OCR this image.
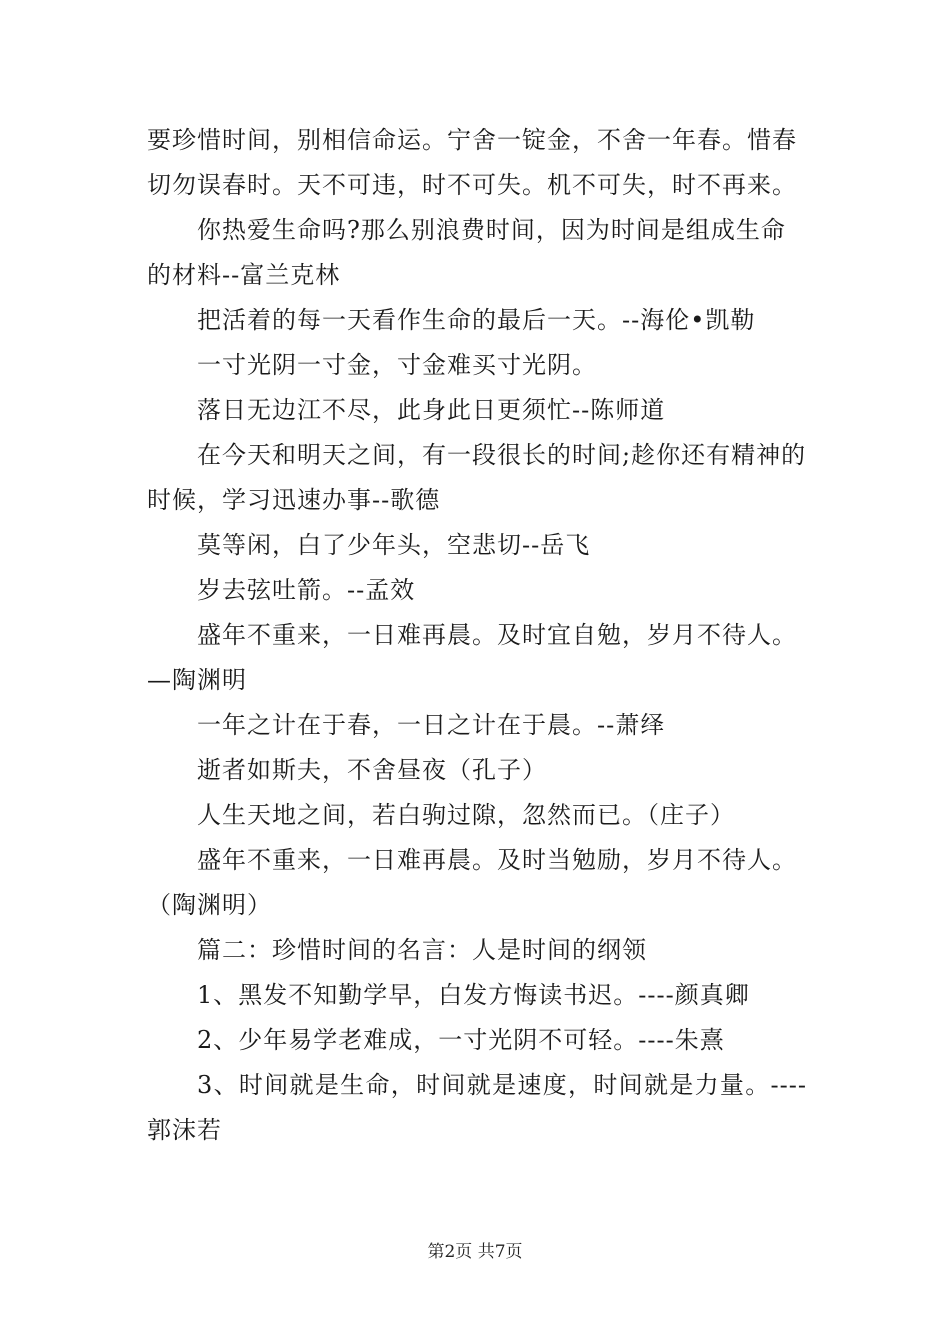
要珍惜时间，别相信命运。宁舍一锭金，不舍一年春。惜春切勿误春时。天不可违，时不可失。机不可失，时不再来。

你热爱生命吗?那么别浪费时间，因为时间是组成生命的材料--富兰克林

把活着的每一天看作生命的最后一天。--海伦•凯勒

一寸光阴一寸金，寸金难买寸光阴。

落日无边江不尽，此身此日更须忙--陈师道

在今天和明天之间，有一段很长的时间;趁你还有精神的时候，学习迅速办事--歌德

莫等闲，白了少年头，空悲切--岳飞

岁去弦吐箭。--孟效

盛年不重来，一日难再晨。及时宜自勉，岁月不待人。—陶渊明

一年之计在于春，一日之计在于晨。--萧绎

逝者如斯夫，不舍昼夜（孔子）

人生天地之间，若白驹过隙，忽然而已。（庄子）

盛年不重来，一日难再晨。及时当勉励，岁月不待人。（陶渊明）

篇二：珍惜时间的名言：人是时间的纲领

1、黑发不知勤学早，白发方悔读书迟。----颜真卿

2、少年易学老难成，一寸光阴不可轻。----朱熹

3、时间就是生命，时间就是速度，时间就是力量。----郭沫若

第2页 共7页
